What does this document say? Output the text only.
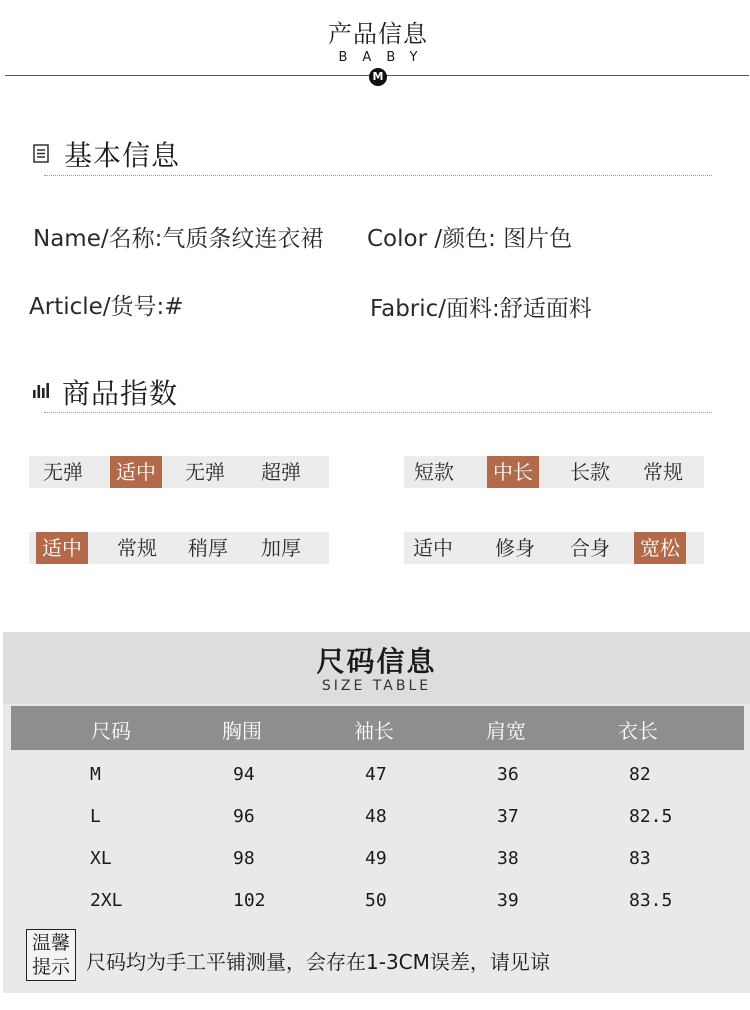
产品信息
BABY
M
基本信息
Name/名称:气质条纹连衣裙 Color /颜色: 图片色
Article/货号:#	Fabric/面料:舒适面料
商品指数
无弹	适中	无弹 超弹	短款	中长	长款 常规
适中	常规 稍厚 加厚	适中 修身 合身	宽松
尺码信息
SIZE TABLE
尺码	胸围	袖长	肩宽	衣长
M	94	47	36	82
L	96	48	37	82.5
XL	98	49	38	83
2XL	102	50	39	83.5
温馨
提示 尺码均为手工平铺测量，会存在1-3CM误差，请见谅
